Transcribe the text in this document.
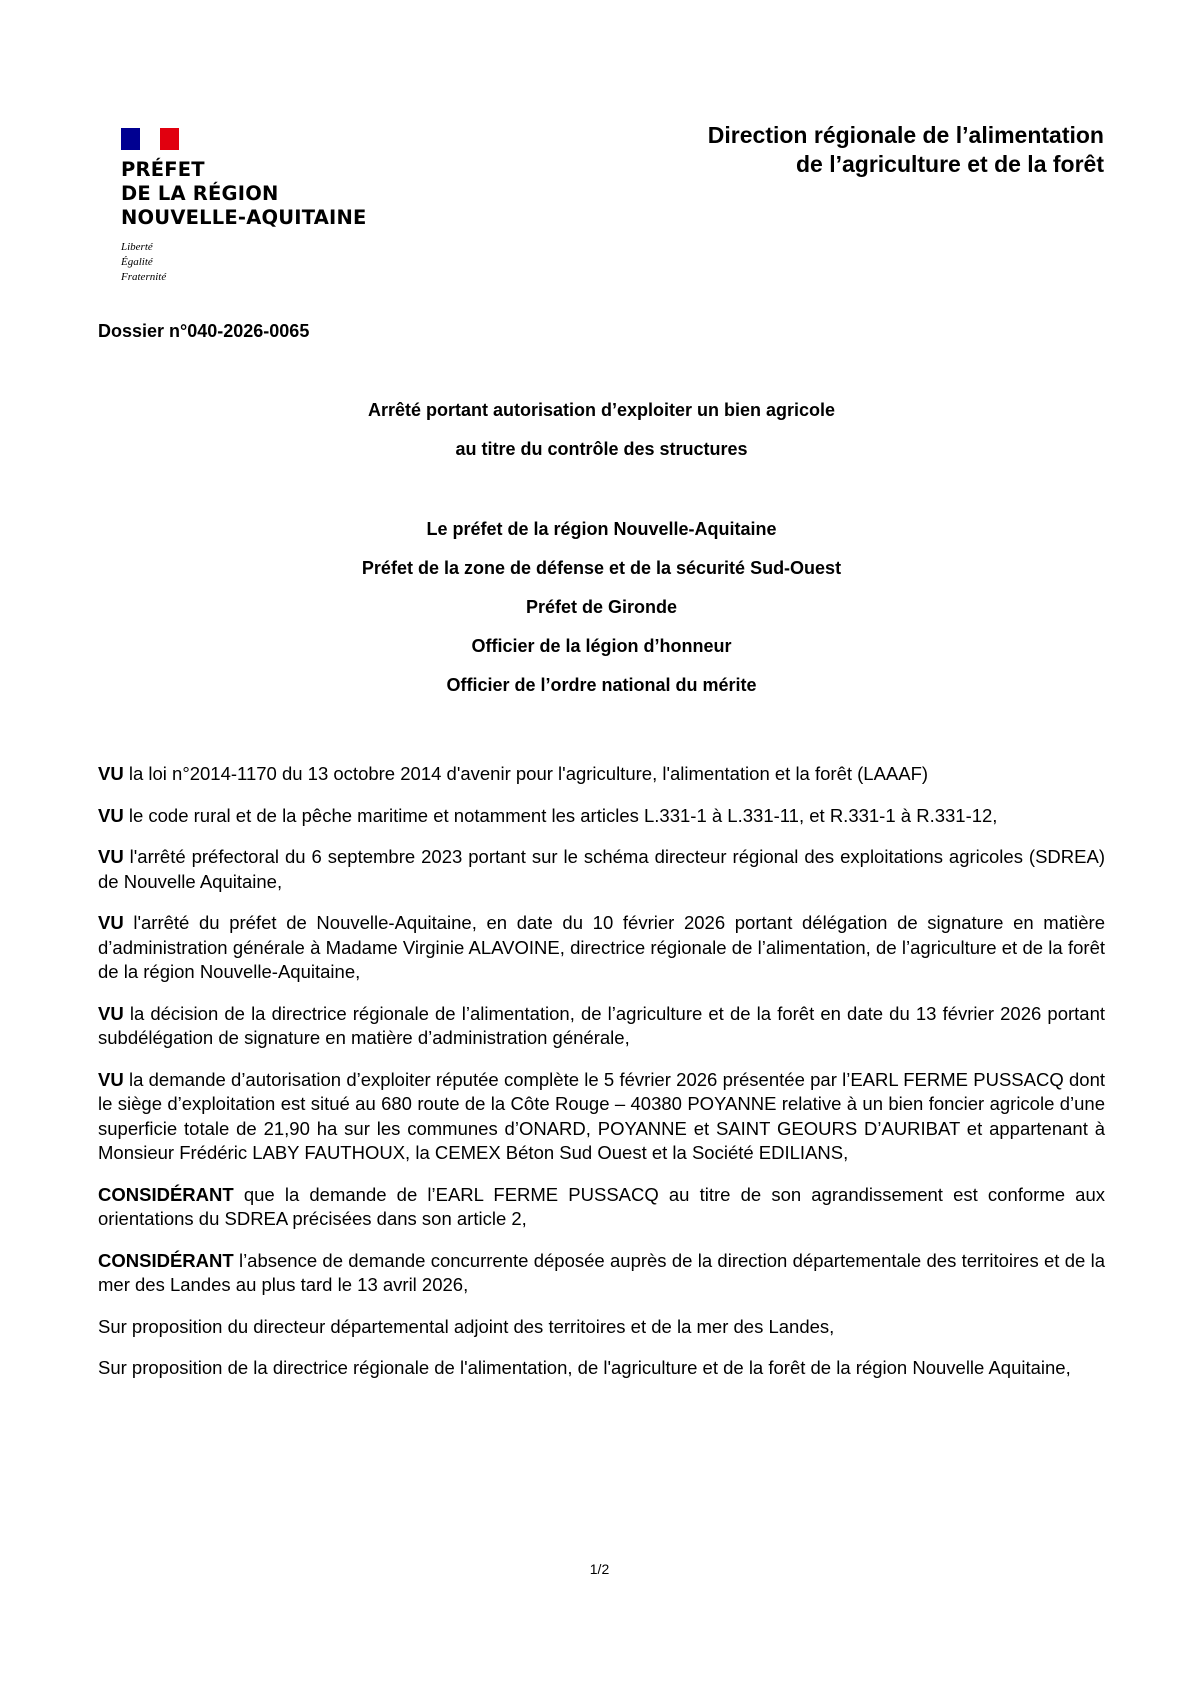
PRÉFET
DE LA RÉGION
NOUVELLE-AQUITAINE
Liberté
Égalité
Fraternité
Direction régionale de l’alimentation
de l’agriculture et de la forêt
Dossier n°040-2026-0065
Arrêté portant autorisation d’exploiter un bien agricole
au titre du contrôle des structures
Le préfet de la région Nouvelle-Aquitaine
Préfet de la zone de défense et de la sécurité Sud-Ouest
Préfet de Gironde
Officier de la légion d’honneur
Officier de l’ordre national du mérite

VU la loi n°2014-1170 du 13 octobre 2014 d'avenir pour l'agriculture, l'alimentation et la forêt (LAAAF)

VU le code rural et de la pêche maritime et notamment les articles L.331-1 à L.331-11, et R.331-1 à R.331-12,

VU l'arrêté préfectoral du 6 septembre 2023 portant sur le schéma directeur régional des exploitations agricoles (SDREA) de Nouvelle Aquitaine,

VU l'arrêté du préfet de Nouvelle-Aquitaine, en date du 10 février 2026 portant délégation de signature en matière d’administration générale à Madame Virginie ALAVOINE, directrice régionale de l’alimentation, de l’agriculture et de la forêt de la région Nouvelle-Aquitaine,

VU la décision de la directrice régionale de l’alimentation, de l’agriculture et de la forêt en date du 13 février 2026 portant subdélégation de signature en matière d’administration générale,

VU la demande d’autorisation d’exploiter réputée complète le 5 février 2026 présentée par l’EARL FERME PUSSACQ dont le siège d’exploitation est situé au 680 route de la Côte Rouge – 40380 POYANNE relative à un bien foncier agricole d’une superficie totale de 21,90 ha sur les communes d’ONARD, POYANNE et SAINT GEOURS D’AURIBAT et appartenant à Monsieur Frédéric LABY FAUTHOUX, la CEMEX Béton Sud Ouest et la Société EDILIANS,

CONSIDÉRANT que la demande de l’EARL FERME PUSSACQ au titre de son agrandissement est conforme aux orientations du SDREA précisées dans son article 2,

CONSIDÉRANT l’absence de demande concurrente déposée auprès de la direction départementale des territoires et de la mer des Landes au plus tard le 13 avril 2026,

Sur proposition du directeur départemental adjoint des territoires et de la mer des Landes,

Sur proposition de la directrice régionale de l'alimentation, de l'agriculture et de la forêt de la région Nouvelle Aquitaine,

1/2
